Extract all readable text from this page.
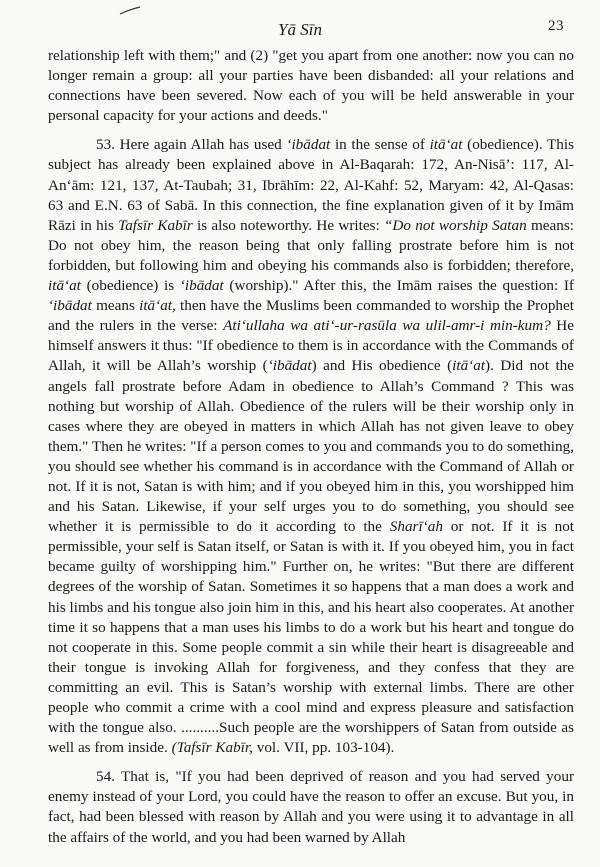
Yā Sīn	23

relationship left with them;" and (2) "get you apart from one another: now you can no longer remain a group: all your parties have been disbanded: all your relations and connections have been severed. Now each of you will be held answerable in your personal capacity for your actions and deeds."

53. Here again Allah has used ‘ibādat in the sense of itā‘at (obedience). This subject has already been explained above in Al-Baqarah: 172, An-Nisā’: 117, Al-An‘ām: 121, 137, At-Taubah; 31, Ibrāhīm: 22, Al-Kahf: 52, Maryam: 42, Al-Qasas: 63 and E.N. 63 of Sabā. In this connection, the fine explanation given of it by Imām Rāzi in his Tafsīr Kabīr is also noteworthy. He writes: “Do not worship Satan means: Do not obey him, the reason being that only falling prostrate before him is not forbidden, but following him and obeying his commands also is forbidden; therefore, itā‘at (obedience) is ‘ibādat (worship)." After this, the Imām raises the question: If ‘ibādat means itā‘at, then have the Muslims been commanded to worship the Prophet and the rulers in the verse: Ati‘ullaha wa ati‘-ur-rasūla wa ulil-amr-i min-kum? He himself answers it thus: "If obedience to them is in accordance with the Commands of Allah, it will be Allah’s worship (‘ibādat) and His obedience (itā‘at). Did not the angels fall prostrate before Adam in obedience to Allah’s Command ? This was nothing but worship of Allah. Obedience of the rulers will be their worship only in cases where they are obeyed in matters in which Allah has not given leave to obey them." Then he writes: "If a person comes to you and commands you to do something, you should see whether his command is in accordance with the Command of Allah or not. If it is not, Satan is with him; and if you obeyed him in this, you worshipped him and his Satan. Likewise, if your self urges you to do something, you should see whether it is permissible to do it according to the Sharī‘ah or not. If it is not permissible, your self is Satan itself, or Satan is with it. If you obeyed him, you in fact became guilty of worshipping him." Further on, he writes: "But there are different degrees of the worship of Satan. Sometimes it so happens that a man does a work and his limbs and his tongue also join him in this, and his heart also cooperates. At another time it so happens that a man uses his limbs to do a work but his heart and tongue do not cooperate in this. Some people commit a sin while their heart is disagreeable and their tongue is invoking Allah for forgiveness, and they confess that they are committing an evil. This is Satan’s worship with external limbs. There are other people who commit a crime with a cool mind and express pleasure and satisfaction with the tongue also. ..........Such people are the worshippers of Satan from outside as well as from inside. (Tafsīr Kabīr, vol. VII, pp. 103-104).

54. That is, "If you had been deprived of reason and you had served your enemy instead of your Lord, you could have the reason to offer an excuse. But you, in fact, had been blessed with reason by Allah and you were using it to advantage in all the affairs of the world, and you had been warned by Allah
